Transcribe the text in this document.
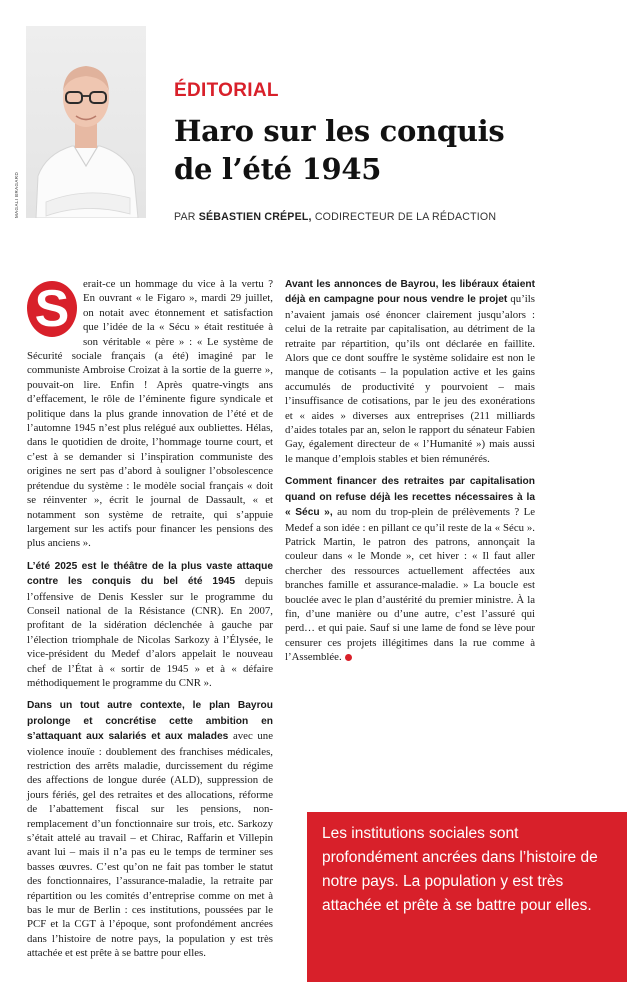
MAGALI BRAGARD
ÉDITORIAL
Haro sur les conquis
de l’été 1945
PAR SÉBASTIEN CRÉPEL, CODIRECTEUR DE LA RÉDACTION

S	erait-ce un hommage du vice à la vertu ? En ouvrant « le Figaro », mardi 29 juillet, on notait avec étonnement et satisfaction que l’idée de la « Sécu » était restituée à son véritable « père » : « Le système de Sécurité sociale français (a été) imaginé par le communiste Ambroise Croizat à la sortie de la guerre », pouvait-on lire. Enfin ! Après quatre-vingts ans d’effacement, le rôle de l’éminente figure syndicale et politique dans la plus grande innovation de l’été et de l’automne 1945 n’est plus relégué aux oubliettes. Hélas, dans le quotidien de droite, l’hommage tourne court, et c’est à se demander si l’inspiration communiste des origines ne sert pas d’abord à souligner l’obsolescence prétendue du système : le modèle social français « doit se réinventer », écrit le journal de Dassault, « et notamment son système de retraite, qui s’appuie largement sur les actifs pour financer les pensions des plus anciens ».

L’été 2025 est le théâtre de la plus vaste attaque contre les conquis du bel été 1945 depuis l’offensive de Denis Kessler sur le programme du Conseil national de la Résistance (CNR). En 2007, profitant de la sidération déclenchée à gauche par l’élection triomphale de Nicolas Sarkozy à l’Élysée, le vice-président du Medef d’alors appelait le nouveau chef de l’État à « sortir de 1945 » et à « défaire méthodiquement le programme du CNR ».

Dans un tout autre contexte, le plan Bayrou prolonge et concrétise cette ambition en s’attaquant aux salariés et aux malades avec une violence inouïe : doublement des franchises médicales, restriction des arrêts maladie, durcissement du régime des affections de longue durée (ALD), suppression de jours fériés, gel des retraites et des allocations, réforme de l’abattement fiscal sur les pensions, non-remplacement d’un fonctionnaire sur trois, etc. Sarkozy s’était attelé au travail – et Chirac, Raffarin et Villepin avant lui – mais il n’a pas eu le temps de terminer ses basses œuvres. C’est qu’on ne fait pas tomber le statut des fonctionnaires, l’assurance-maladie, la retraite par répartition ou les comités d’entreprise comme on met à bas le mur de Berlin : ces institutions, poussées par le PCF et la CGT à l’époque, sont profondément ancrées dans l’histoire de notre pays, la population y est très attachée et est prête à se battre pour elles.

Avant les annonces de Bayrou, les libéraux étaient déjà en campagne pour nous vendre le projet qu’ils n’avaient jamais osé énoncer clairement jusqu’alors : celui de la retraite par capitalisation, au détriment de la retraite par répartition, qu’ils ont déclarée en faillite. Alors que ce dont souffre le système solidaire est non le manque de cotisants – la population active et les gains accumulés de productivité y pourvoient – mais l’insuffisance de cotisations, par le jeu des exonérations et « aides » diverses aux entreprises (211 milliards d’aides totales par an, selon le rapport du sénateur Fabien Gay, également directeur de « l’Humanité ») mais aussi le manque d’emplois stables et bien rémunérés.

Comment financer des retraites par capitalisation quand on refuse déjà les recettes nécessaires à la « Sécu », au nom du trop-plein de prélèvements ? Le Medef a son idée : en pillant ce qu’il reste de la « Sécu ». Patrick Martin, le patron des patrons, annonçait la couleur dans « le Monde », cet hiver : « Il faut aller chercher des ressources actuellement affectées aux branches famille et assurance-maladie. » La boucle est bouclée avec le plan d’austérité du premier ministre. À la fin, d’une manière ou d’une autre, c’est l’assuré qui perd… et qui paie. Sauf si une lame de fond se lève pour censurer ces projets illégitimes dans la rue comme à l’Assemblée.

Les institutions sociales sont profondément ancrées dans l’histoire de notre pays. La population y est très attachée et prête à se battre pour elles.
